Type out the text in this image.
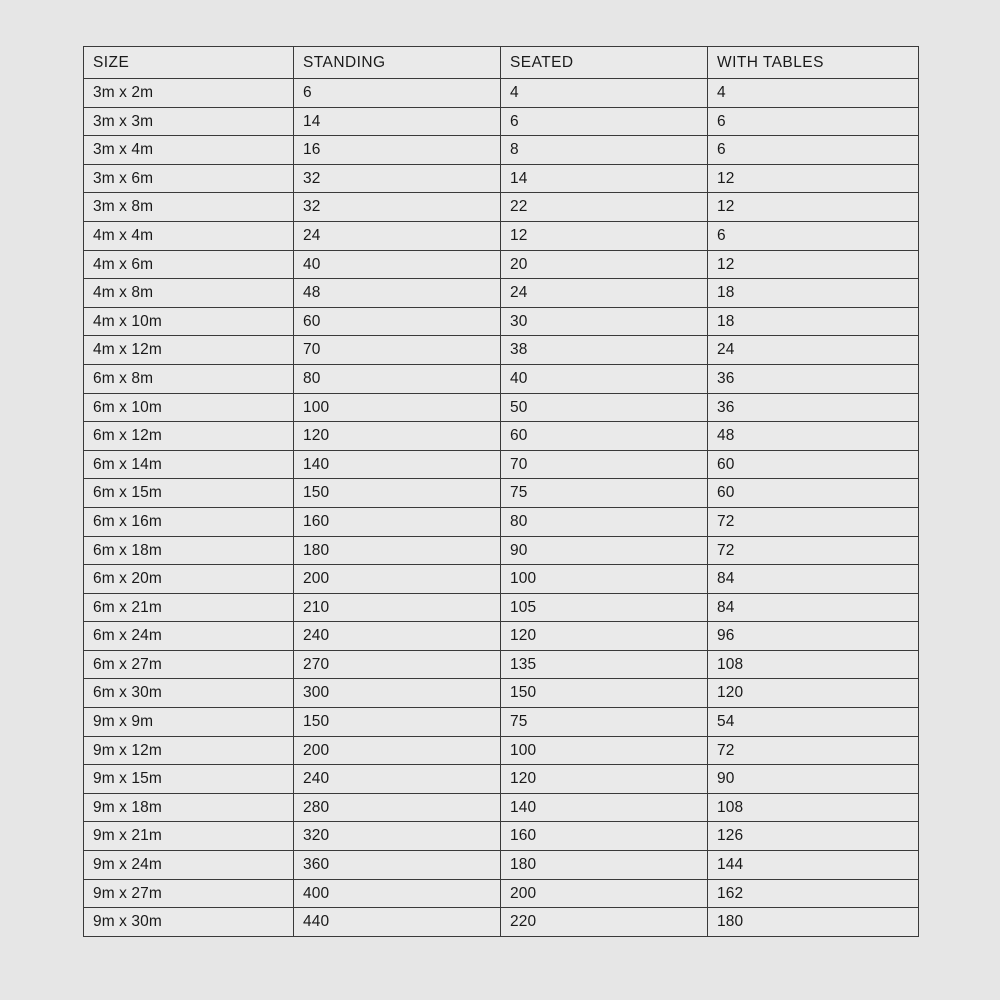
SIZE	STANDING	SEATED	WITH TABLES
3m x 2m	6	4	4
3m x 3m	14	6	6
3m x 4m	16	8	6
3m x 6m	32	14	12
3m x 8m	32	22	12
4m x 4m	24	12	6
4m x 6m	40	20	12
4m x 8m	48	24	18
4m x 10m	60	30	18
4m x 12m	70	38	24
6m x 8m	80	40	36
6m x 10m	100	50	36
6m x 12m	120	60	48
6m x 14m	140	70	60
6m x 15m	150	75	60
6m x 16m	160	80	72
6m x 18m	180	90	72
6m x 20m	200	100	84
6m x 21m	210	105	84
6m x 24m	240	120	96
6m x 27m	270	135	108
6m x 30m	300	150	120
9m x 9m	150	75	54
9m x 12m	200	100	72
9m x 15m	240	120	90
9m x 18m	280	140	108
9m x 21m	320	160	126
9m x 24m	360	180	144
9m x 27m	400	200	162
9m x 30m	440	220	180
